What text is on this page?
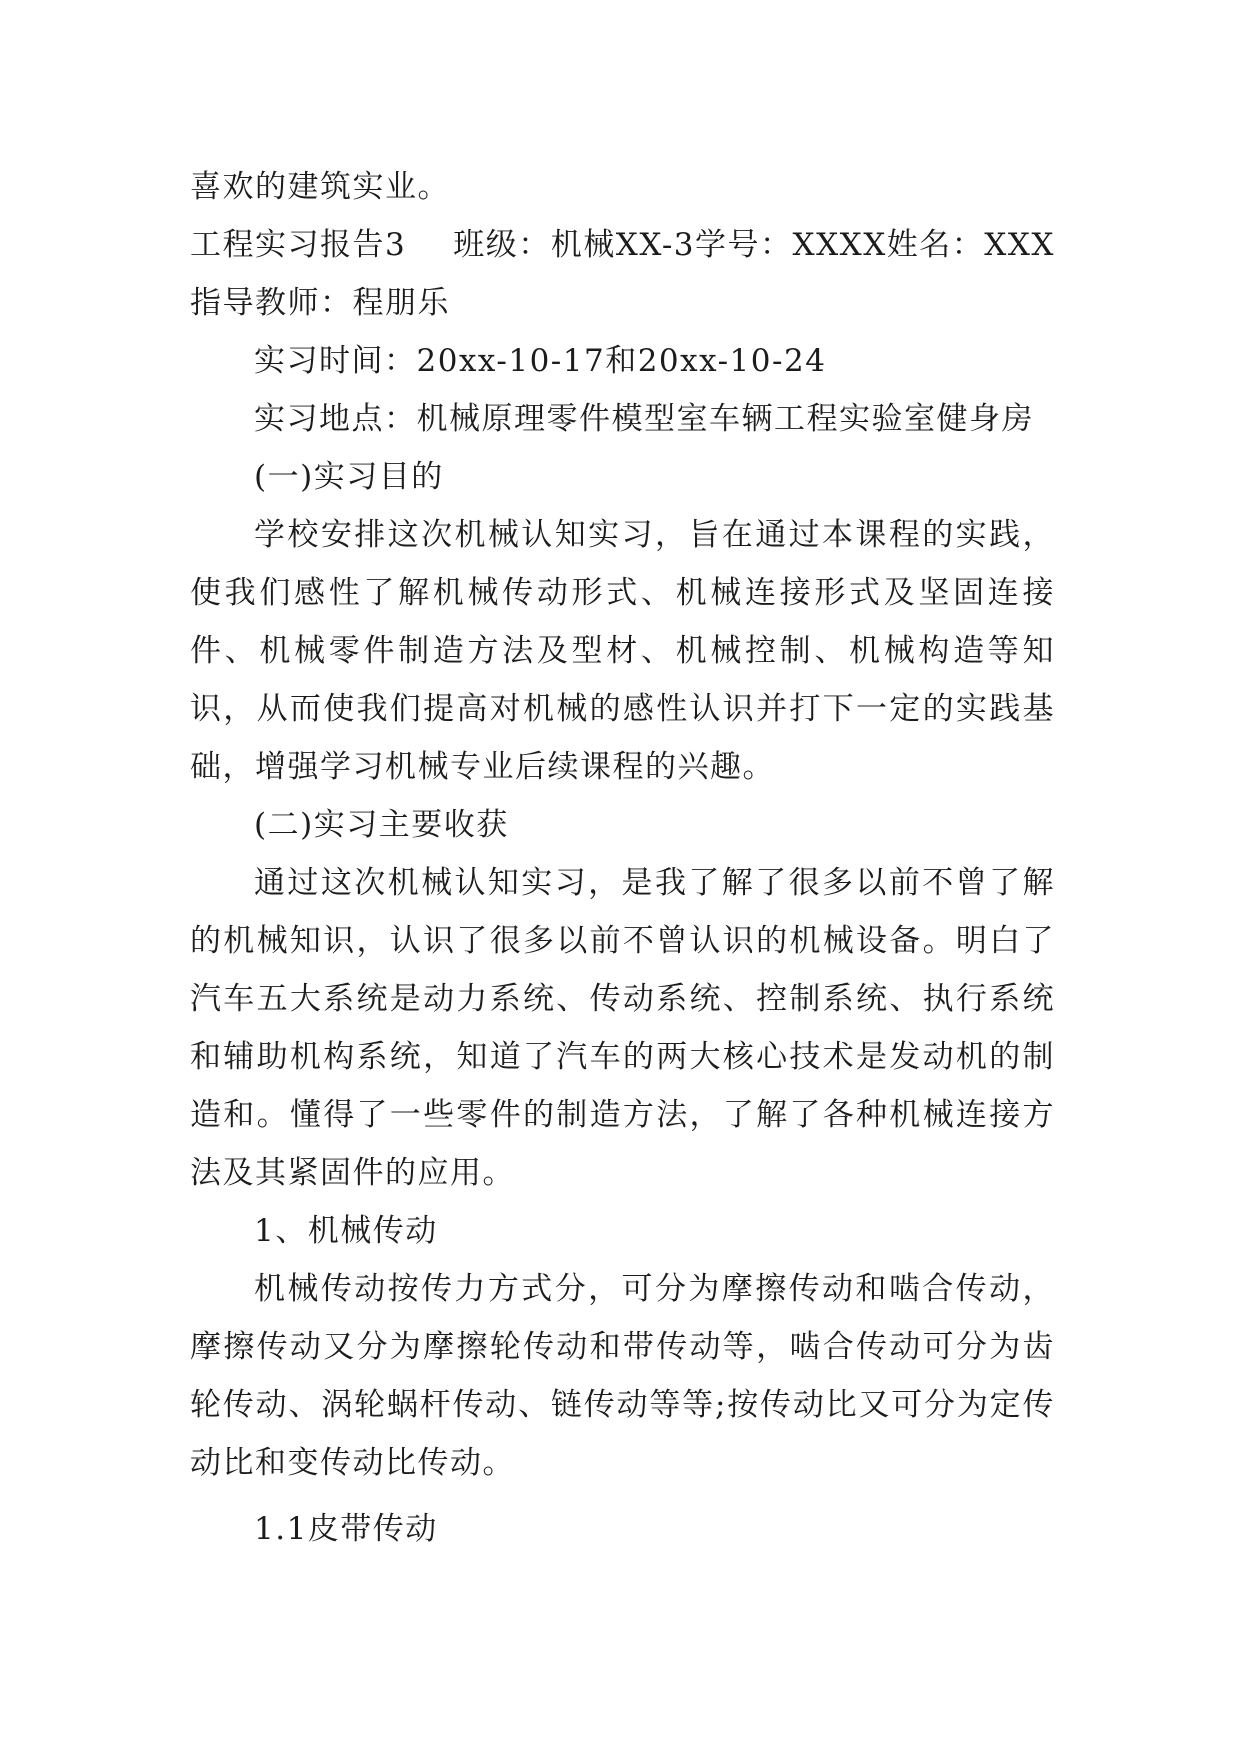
喜欢的建筑实业。

工程实习报告3 班级：机械XX-3学号：XXXX姓名：XXX

指导教师：程朋乐

实习时间：20xx-10-17和20xx-10-24

实习地点：机械原理零件模型室车辆工程实验室健身房

(一)实习目的

学校安排这次机械认知实习，旨在通过本课程的实践，使我们感性了解机械传动形式、机械连接形式及坚固连接件、机械零件制造方法及型材、机械控制、机械构造等知识，从而使我们提高对机械的感性认识并打下一定的实践基础，增强学习机械专业后续课程的兴趣。

(二)实习主要收获

通过这次机械认知实习，是我了解了很多以前不曾了解的机械知识，认识了很多以前不曾认识的机械设备。明白了汽车五大系统是动力系统、传动系统、控制系统、执行系统和辅助机构系统，知道了汽车的两大核心技术是发动机的制造和。懂得了一些零件的制造方法，了解了各种机械连接方法及其紧固件的应用。

1、机械传动

机械传动按传力方式分，可分为摩擦传动和啮合传动，摩擦传动又分为摩擦轮传动和带传动等，啮合传动可分为齿轮传动、涡轮蜗杆传动、链传动等等;按传动比又可分为定传动比和变传动比传动。

1.1皮带传动
